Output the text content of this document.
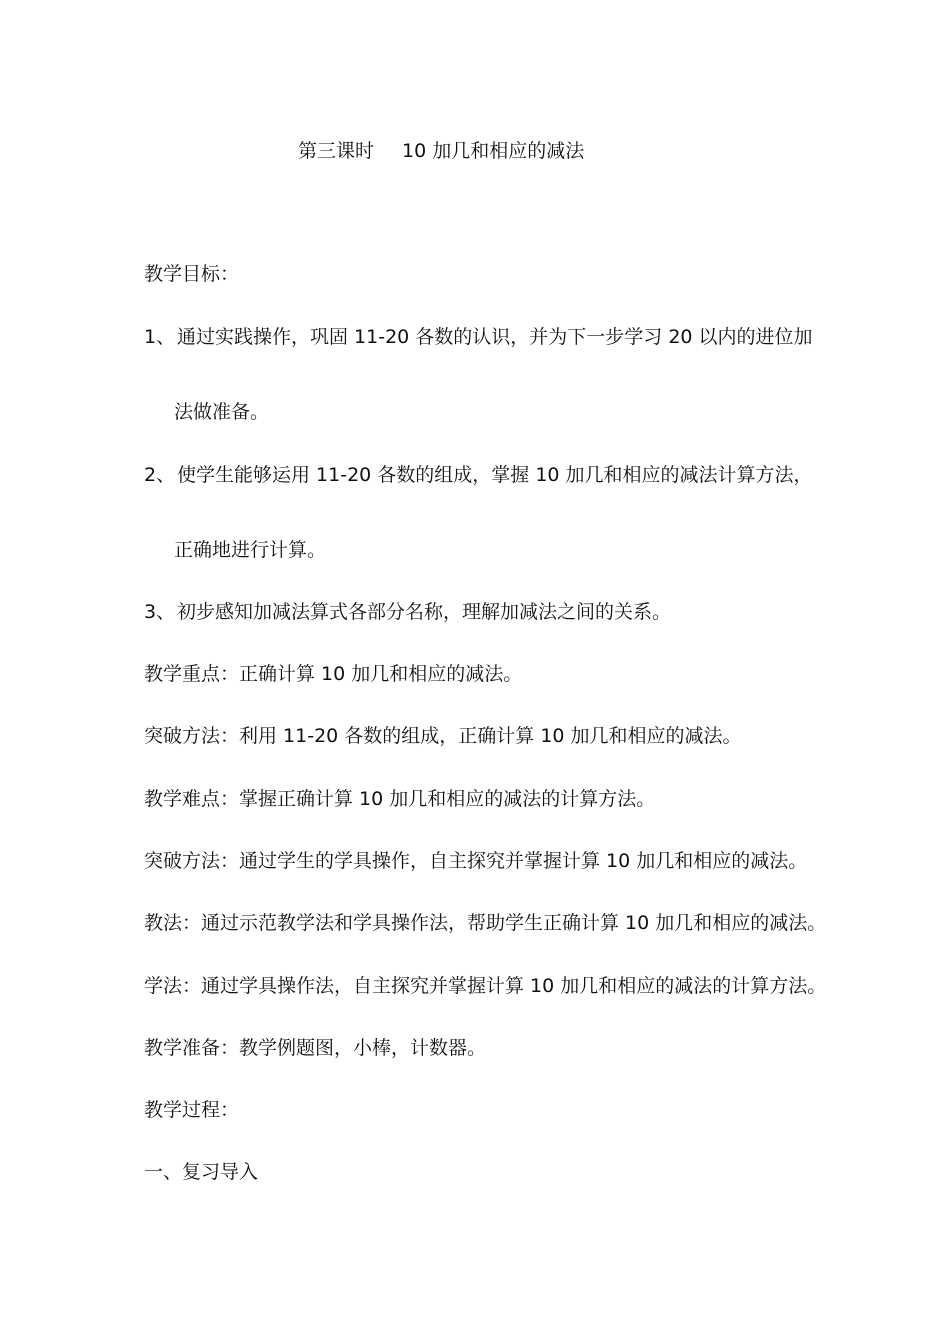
第三课时 10 加几和相应的减法
教学目标：
1、 通过实践操作，巩固 11-20 各数的认识，并为下一步学习 20 以内的进位加
法做准备。
2、 使学生能够运用 11-20 各数的组成，掌握 10 加几和相应的减法计算方法，
正确地进行计算。
3、 初步感知加减法算式各部分名称，理解加减法之间的关系。
教学重点：正确计算 10 加几和相应的减法。
突破方法：利用 11-20 各数的组成，正确计算 10 加几和相应的减法。
教学难点：掌握正确计算 10 加几和相应的减法的计算方法。
突破方法：通过学生的学具操作，自主探究并掌握计算 10 加几和相应的减法。
教法：通过示范教学法和学具操作法，帮助学生正确计算 10 加几和相应的减法。
学法：通过学具操作法，自主探究并掌握计算 10 加几和相应的减法的计算方法。
教学准备：教学例题图，小棒，计数器。
教学过程：
一、复习导入
